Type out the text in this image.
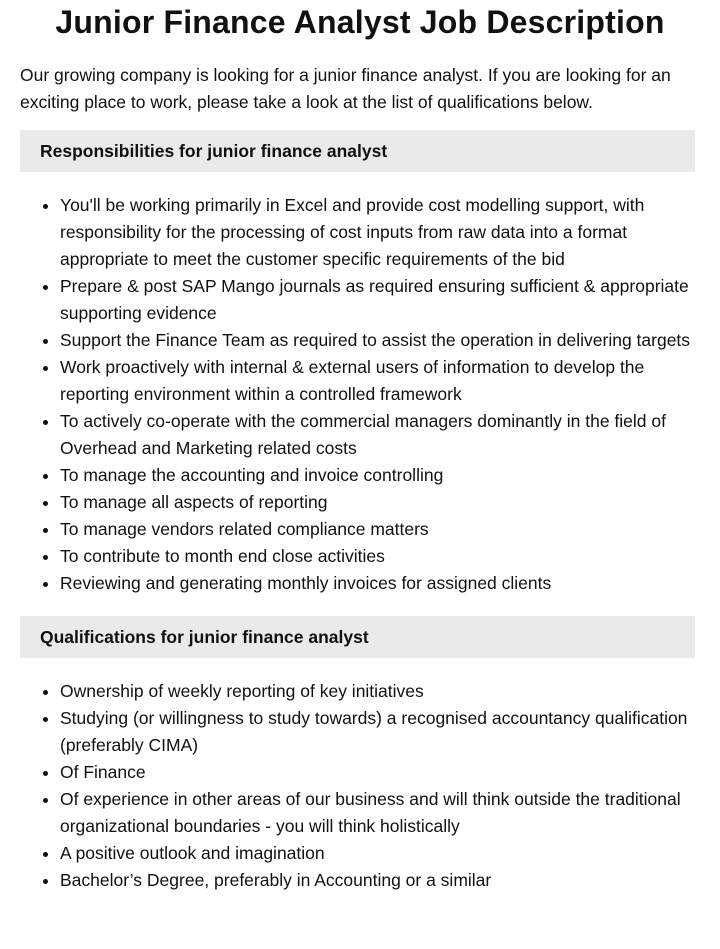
Junior Finance Analyst Job Description

Our growing company is looking for a junior finance analyst. If you are looking for an exciting place to work, please take a look at the list of qualifications below.

Responsibilities for junior finance analyst
• You'll be working primarily in Excel and provide cost modelling support, with responsibility for the processing of cost inputs from raw data into a format appropriate to meet the customer specific requirements of the bid
• Prepare & post SAP Mango journals as required ensuring sufficient & appropriate supporting evidence
• Support the Finance Team as required to assist the operation in delivering targets
• Work proactively with internal & external users of information to develop the reporting environment within a controlled framework
• To actively co-operate with the commercial managers dominantly in the field of Overhead and Marketing related costs
• To manage the accounting and invoice controlling
• To manage all aspects of reporting
• To manage vendors related compliance matters
• To contribute to month end close activities
• Reviewing and generating monthly invoices for assigned clients
Qualifications for junior finance analyst
• Ownership of weekly reporting of key initiatives
• Studying (or willingness to study towards) a recognised accountancy qualification (preferably CIMA)
• Of Finance
• Of experience in other areas of our business and will think outside the traditional organizational boundaries - you will think holistically
• A positive outlook and imagination
• Bachelor’s Degree, preferably in Accounting or a similar
